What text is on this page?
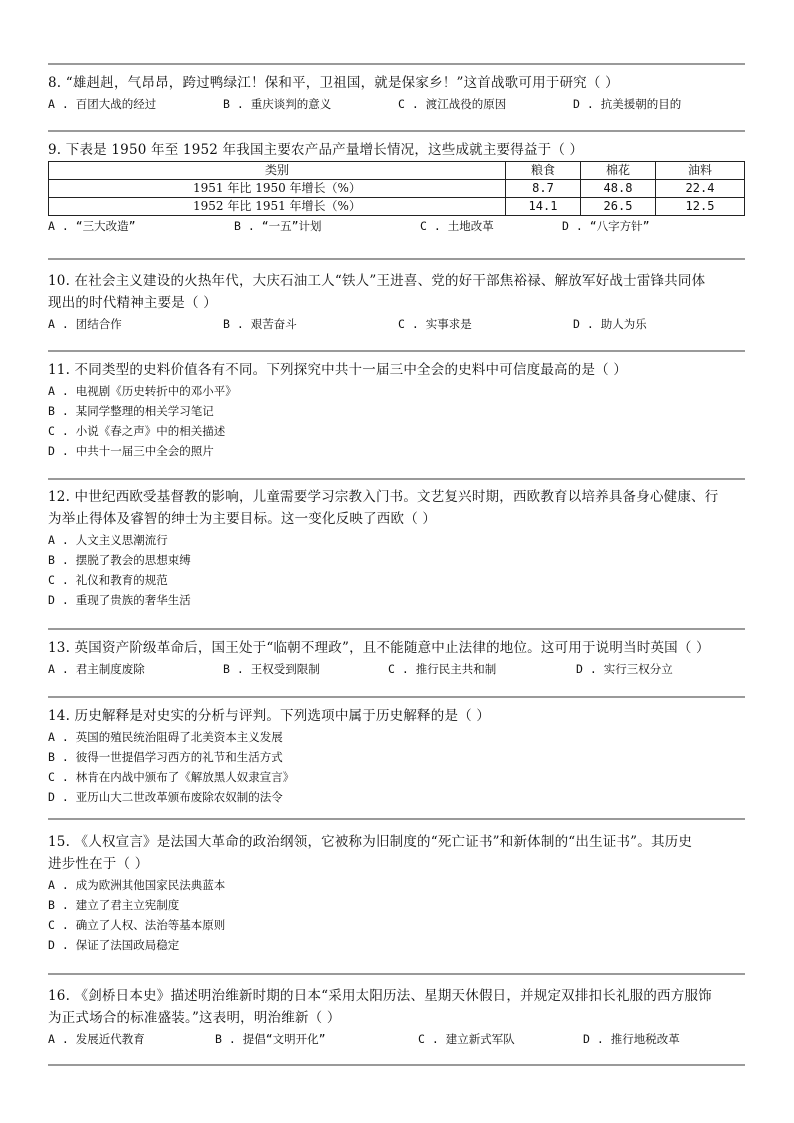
8. “雄赳赳，气昂昂，跨过鸭绿江！保和平，卫祖国，就是保家乡！”这首战歌可用于研究（ ）
A . 百团大战的经过	B . 重庆谈判的意义	C . 渡江战役的原因	D . 抗美援朝的目的
9. 下表是 1950 年至 1952 年我国主要农产品产量增长情况，这些成就主要得益于（ ）
类别	粮食	棉花	油料
1951 年比 1950 年增长（%）	8.7	48.8	22.4
1952 年比 1951 年增长（%）	14.1	26.5	12.5
A . “三大改造”	B . “一五”计划	C . 土地改革	D . “八字方针”
10. 在社会主义建设的火热年代，大庆石油工人“铁人”王进喜、党的好干部焦裕禄、解放军好战士雷锋共同体
现出的时代精神主要是（ ）
A . 团结合作	B . 艰苦奋斗	C . 实事求是	D . 助人为乐
11. 不同类型的史料价值各有不同。下列探究中共十一届三中全会的史料中可信度最高的是（ ）
A . 电视剧《历史转折中的邓小平》
B . 某同学整理的相关学习笔记
C . 小说《春之声》中的相关描述
D . 中共十一届三中全会的照片
12. 中世纪西欧受基督教的影响，儿童需要学习宗教入门书。文艺复兴时期，西欧教育以培养具备身心健康、行
为举止得体及睿智的绅士为主要目标。这一变化反映了西欧（ ）
A . 人文主义思潮流行
B . 摆脱了教会的思想束缚
C . 礼仪和教育的规范
D . 重现了贵族的奢华生活
13. 英国资产阶级革命后，国王处于“临朝不理政”，且不能随意中止法律的地位。这可用于说明当时英国（ ）
A . 君主制度废除	B . 王权受到限制	C . 推行民主共和制	D . 实行三权分立
14. 历史解释是对史实的分析与评判。下列选项中属于历史解释的是（ ）
A . 英国的殖民统治阻碍了北美资本主义发展
B . 彼得一世提倡学习西方的礼节和生活方式
C . 林肯在内战中颁布了《解放黑人奴隶宣言》
D . 亚历山大二世改革颁布废除农奴制的法令
15. 《人权宣言》是法国大革命的政治纲领，它被称为旧制度的“死亡证书”和新体制的“出生证书”。其历史
进步性在于（ ）
A . 成为欧洲其他国家民法典蓝本
B . 建立了君主立宪制度
C . 确立了人权、法治等基本原则
D . 保证了法国政局稳定
16. 《剑桥日本史》描述明治维新时期的日本“采用太阳历法、星期天休假日，并规定双排扣长礼服的西方服饰
为正式场合的标准盛装。”这表明，明治维新（ ）
A . 发展近代教育	B . 提倡“文明开化”	C . 建立新式军队	D . 推行地税改革
